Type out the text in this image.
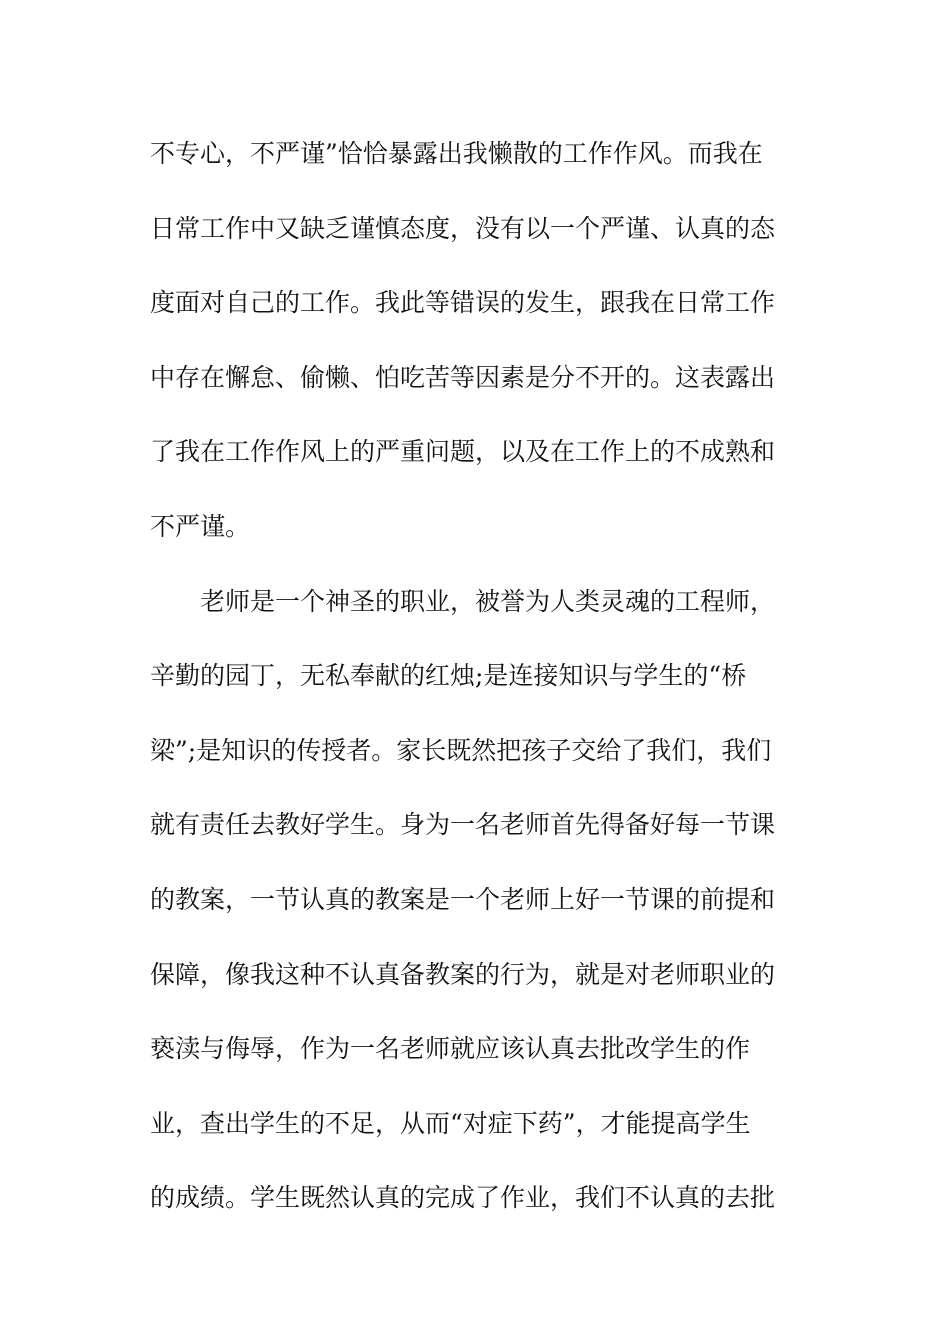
不专心，不严谨”恰恰暴露出我懒散的工作作风。而我在
日常工作中又缺乏谨慎态度，没有以一个严谨、认真的态
度面对自己的工作。我此等错误的发生，跟我在日常工作
中存在懈怠、偷懒、怕吃苦等因素是分不开的。这表露出
了我在工作作风上的严重问题，以及在工作上的不成熟和
不严谨。
老师是一个神圣的职业，被誉为人类灵魂的工程师，
辛勤的园丁，无私奉献的红烛;是连接知识与学生的“桥
梁”;是知识的传授者。家长既然把孩子交给了我们，我们
就有责任去教好学生。身为一名老师首先得备好每一节课
的教案，一节认真的教案是一个老师上好一节课的前提和
保障，像我这种不认真备教案的行为，就是对老师职业的
亵渎与侮辱，作为一名老师就应该认真去批改学生的作
业，查出学生的不足，从而“对症下药”，才能提高学生
的成绩。学生既然认真的完成了作业，我们不认真的去批
